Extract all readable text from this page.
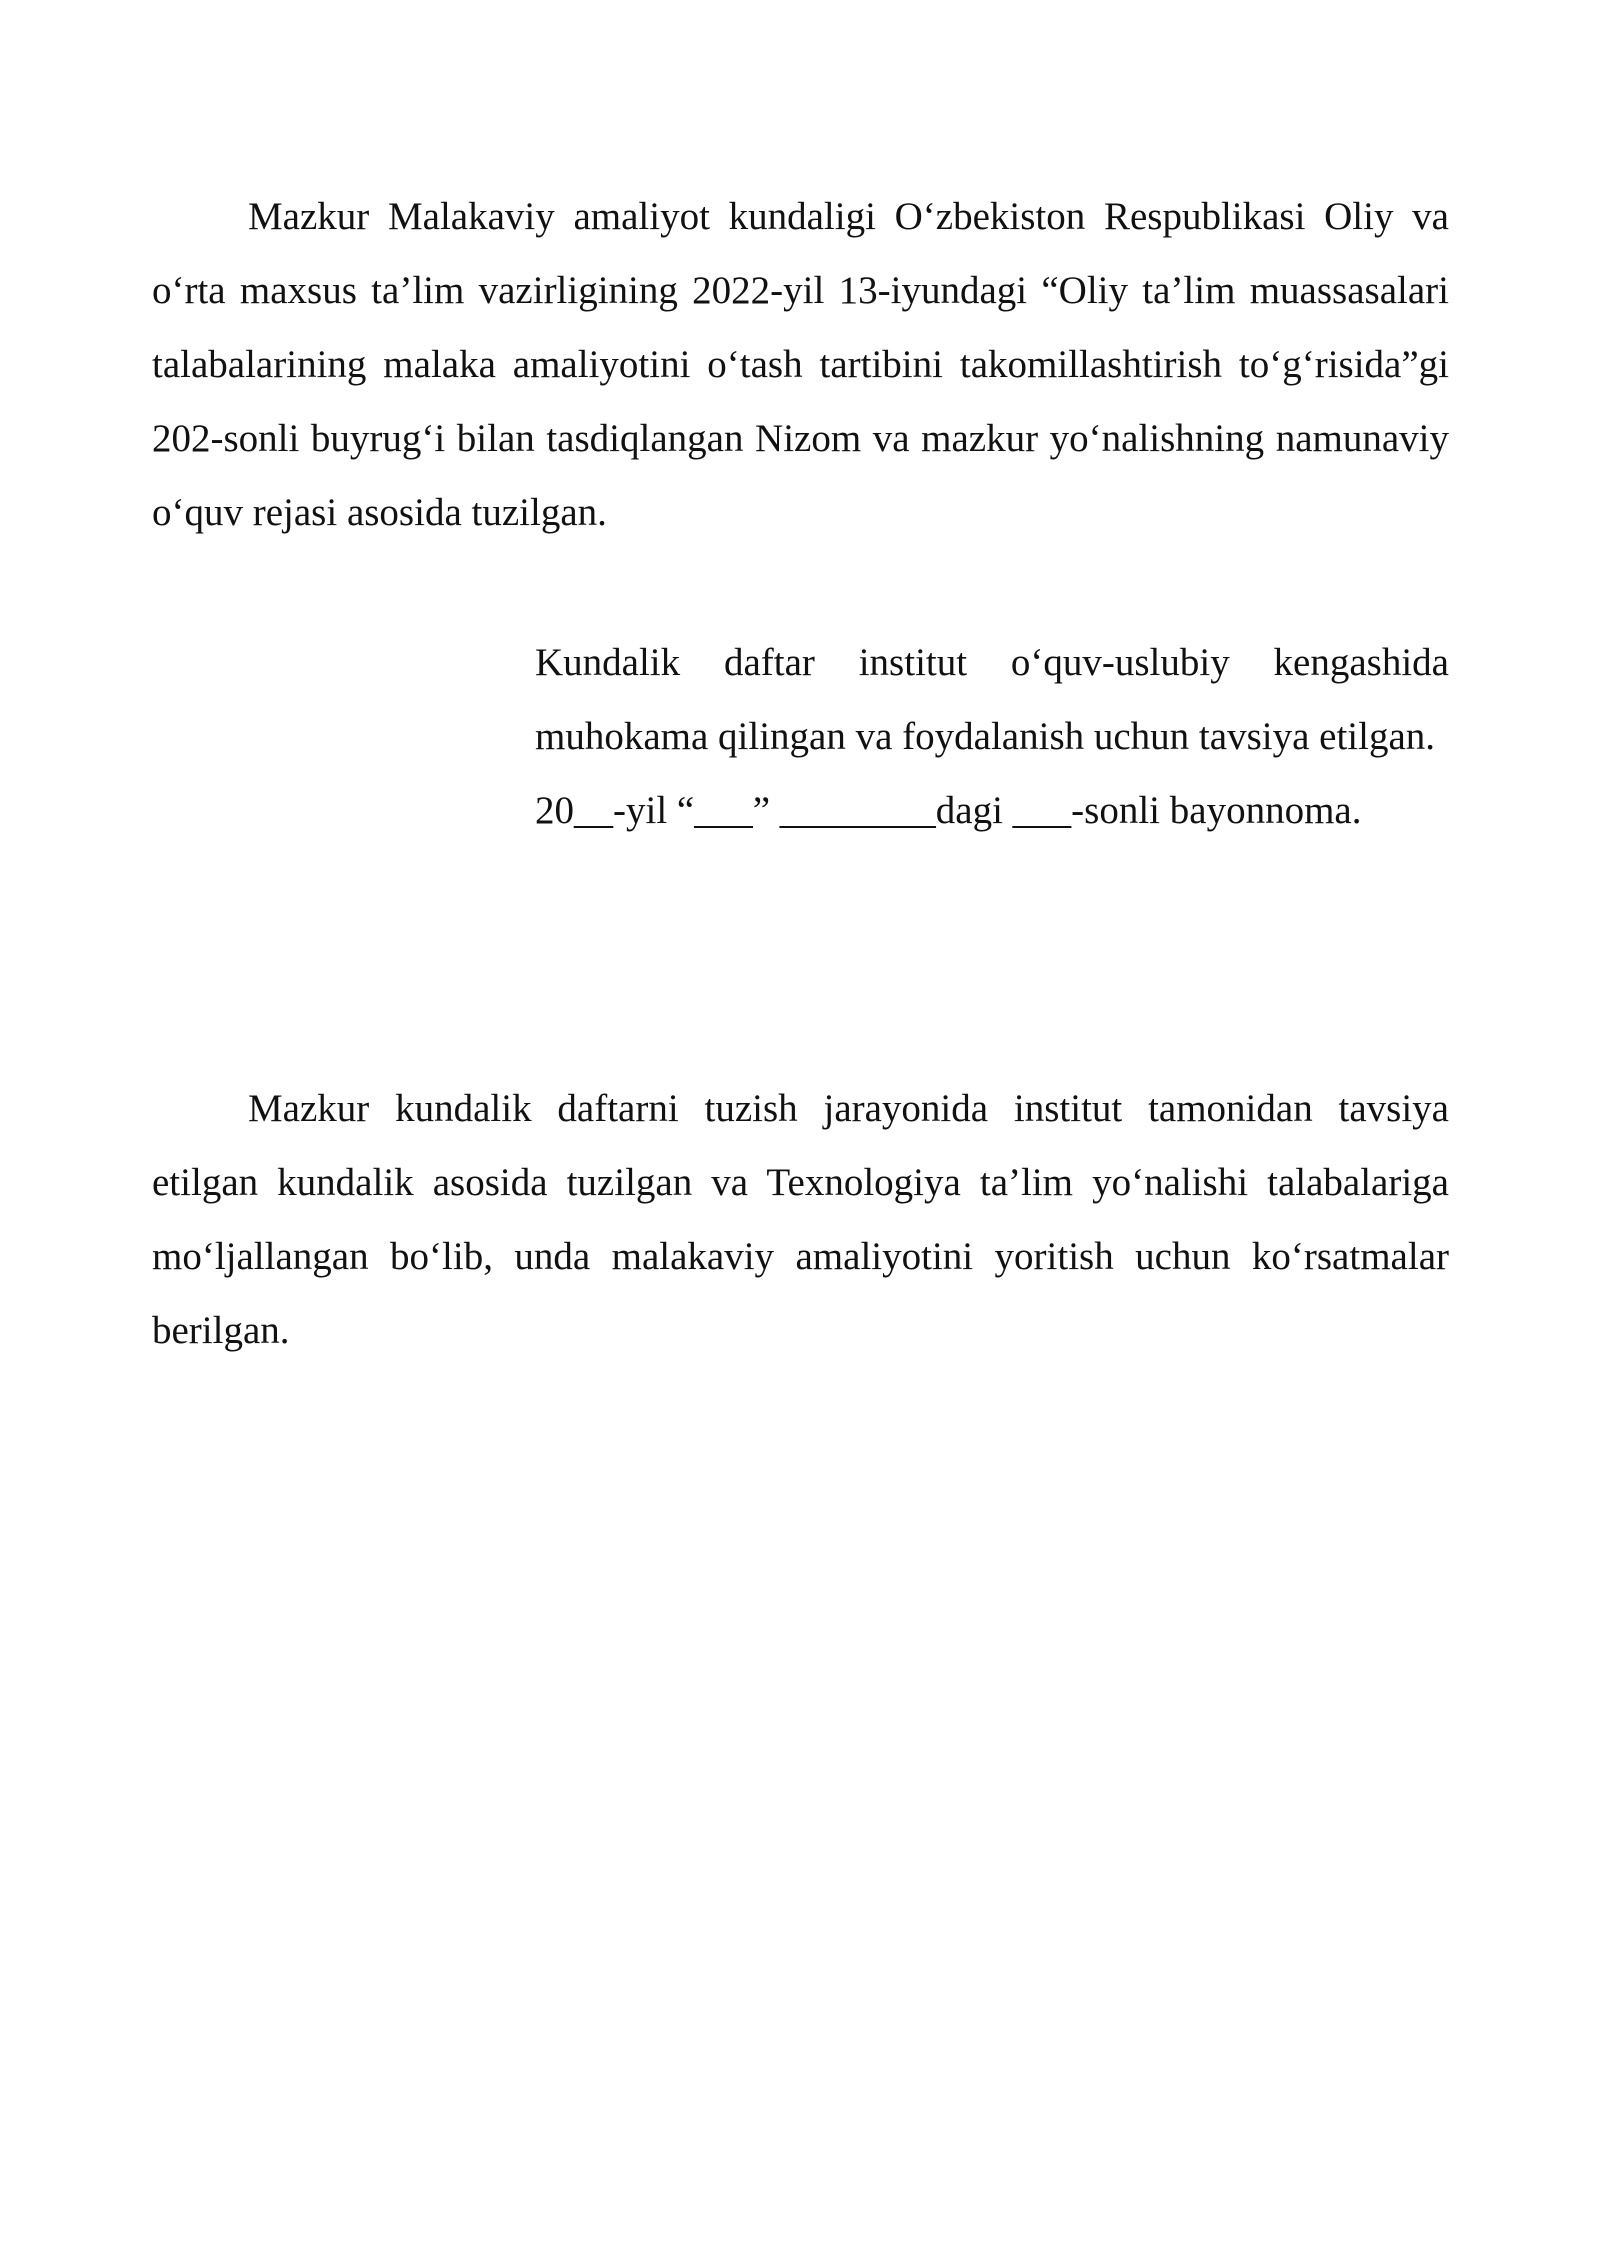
Mazkur Malakaviy amaliyot kundaligi O‘zbekiston Respublikasi Oliy va o‘rta maxsus ta’lim vazirligining 2022-yil 13-iyundagi “Oliy ta’lim muassasalari talabalarining malaka amaliyotini o‘tash tartibini takomillashtirish to‘g‘risida”gi 202-sonli buyrug‘i bilan tasdiqlangan Nizom va mazkur yo‘nalishning namunaviy o‘quv rejasi asosida tuzilgan.

Kundalik daftar institut o‘quv-uslubiy kengashida muhokama qilingan va foydalanish uchun tavsiya etilgan.

20__-yil “___” ________dagi ___-sonli bayonnoma.

Mazkur kundalik daftarni tuzish jarayonida institut tamonidan tavsiya etilgan kundalik asosida tuzilgan va Texnologiya ta’lim yo‘nalishi talabalariga mo‘ljallangan bo‘lib, unda malakaviy amaliyotini yoritish uchun ko‘rsatmalar berilgan.
